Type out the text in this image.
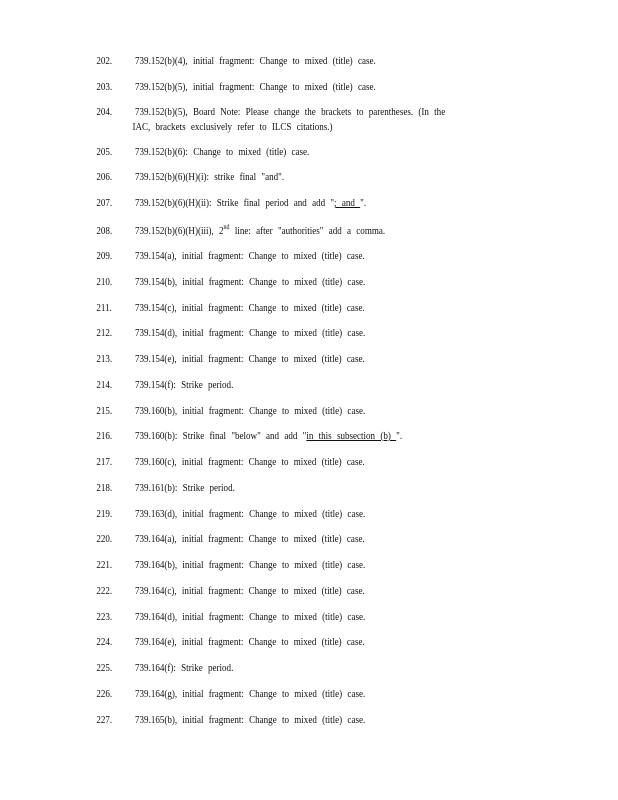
202. 739.152(b)(4), initial fragment: Change to mixed (title) case.
203. 739.152(b)(5), initial fragment: Change to mixed (title) case.
204. 739.152(b)(5), Board Note: Please change the brackets to parentheses. (In the
IAC, brackets exclusively refer to ILCS citations.)
205. 739.152(b)(6): Change to mixed (title) case.
206. 739.152(b)(6)(H)(i): strike final "and".
207. 739.152(b)(6)(H)(ii): Strike final period and add "; and ".
208. 739.152(b)(6)(H)(iii), 2nd line: after "authorities" add a comma.
209. 739.154(a), initial fragment: Change to mixed (title) case.
210. 739.154(b), initial fragment: Change to mixed (title) case.
211. 739.154(c), initial fragment: Change to mixed (title) case.
212. 739.154(d), initial fragment: Change to mixed (title) case.
213. 739.154(e), initial fragment: Change to mixed (title) case.
214. 739.154(f): Strike period.
215. 739.160(b), initial fragment: Change to mixed (title) case.
216. 739.160(b): Strike final "below" and add "in this subsection (b) ".
217. 739.160(c), initial fragment: Change to mixed (title) case.
218. 739.161(b): Strike period.
219. 739.163(d), initial fragment: Change to mixed (title) case.
220. 739.164(a), initial fragment: Change to mixed (title) case.
221. 739.164(b), initial fragment: Change to mixed (title) case.
222. 739.164(c), initial fragment: Change to mixed (title) case.
223. 739.164(d), initial fragment: Change to mixed (title) case.
224. 739.164(e), initial fragment: Change to mixed (title) case.
225. 739.164(f): Strike period.
226. 739.164(g), initial fragment: Change to mixed (title) case.
227. 739.165(b), initial fragment: Change to mixed (title) case.
